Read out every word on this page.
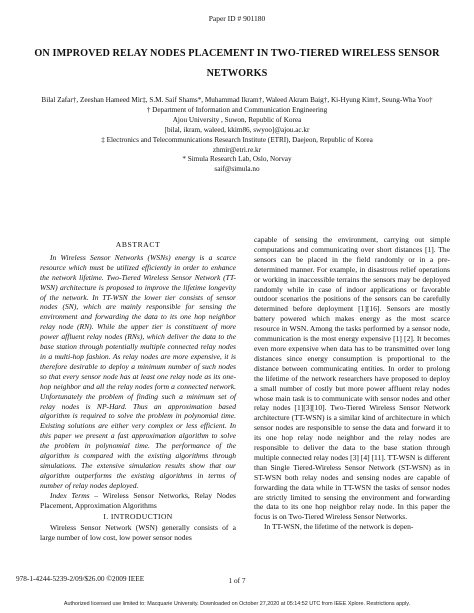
Paper ID # 901180
ON IMPROVED RELAY NODES PLACEMENT IN TWO-TIERED WIRELESS SENSOR
NETWORKS
Bilal Zafar†, Zeeshan Hameed Mir‡, S.M. Saif Shams*, Muhammad Ikram†, Waleed Akram Baig†, Ki-Hyung Kim†, Seung-Wha Yoo†
† Department of Information and Communication Engineering
Ajou University , Suwon, Republic of Korea
[bilal, ikram, waleed, kkim86, swyoo]@ajou.ac.kr
‡ Electronics and Telecommunications Research Institute (ETRI), Daejeon, Republic of Korea
zhmir@etri.re.kr
* Simula Research Lab, Oslo, Norvay
saif@simula.no
ABSTRACT

In Wireless Sensor Networks (WSNs) energy is a scarce resource which must be utilized efficiently in order to enhance the network lifetime. Two-Tiered Wireless Sensor Network (TT-WSN) architecture is proposed to improve the lifetime longevity of the network. In TT-WSN the lower tier consists of sensor nodes (SN), which are mainly responsible for sensing the environment and forwarding the data to its one hop neighbor relay node (RN). While the upper tier is constituent of more power affluent relay nodes (RNs), which deliver the data to the base station through potentially multiple connected relay nodes in a multi-hop fashion. As relay nodes are more expensive, it is therefore desirable to deploy a minimum number of such nodes so that every sensor node has at least one relay node as its one-hop neighbor and all the relay nodes form a connected network. Unfortunately the problem of finding such a minimum set of relay nodes is NP-Hard. Thus an approximation based algorithm is required to solve the problem in polynomial time. Existing solutions are either very complex or less efficient. In this paper we present a fast approximation algorithm to solve the problem in polynomial time. The performance of the algorithm is compared with the existing algorithms through simulations. The extensive simulation results show that our algorithm outperforms the existing algorithms in terms of number of relay nodes deployed.

Index Terms – Wireless Sensor Networks, Relay Nodes Placement, Approximation Algorithms

I. INTRODUCTION

Wireless Sensor Network (WSN) generally consists of a large number of low cost, low power sensor nodes

capable of sensing the environment, carrying out simple computations and communicating over short distances [1]. The sensors can be placed in the field randomly or in a pre-determined manner. For example, in disastrous relief operations or working in inaccessible terrains the sensors may be deployed randomly while in case of indoor applications or favorable outdoor scenarios the positions of the sensors can be carefully determined before deployment [1][16]. Sensors are mostly battery powered which makes energy as the most scarce resource in WSN. Among the tasks performed by a sensor node, communication is the most energy expensive [1] [2]. It becomes even more expensive when data has to be transmitted over long distances since energy consumption is proportional to the distance between communicating entities. In order to prolong the lifetime of the network researchers have proposed to deploy a small number of costly but more power affluent relay nodes whose main task is to communicate with sensor nodes and other relay nodes [1][3][10]. Two-Tiered Wireless Sensor Network architecture (TT-WSN) is a similar kind of architecture in which sensor nodes are responsible to sense the data and forward it to its one hop relay node neighbor and the relay nodes are responsible to deliver the data to the base station through multiple connected relay nodes [3] [4] [11]. TT-WSN is different than Single Tiered-Wireless Sensor Network (ST-WSN) as in ST-WSN both relay nodes and sensing nodes are capable of forwarding the data while in TT-WSN the tasks of sensor nodes are strictly limited to sensing the environment and forwarding the data to its one hop neighbor relay node. In this paper the focus is on Two-Tiered Wireless Sensor Networks.

In TT-WSN, the lifetime of the network is depen-

978-1-4244-5239-2/09/$26.00 ©2009 IEEE	1 of 7
Authorized licensed use limited to: Macquarie University. Downloaded on October 27,2020 at 05:14:52 UTC from IEEE Xplore. Restrictions apply.
